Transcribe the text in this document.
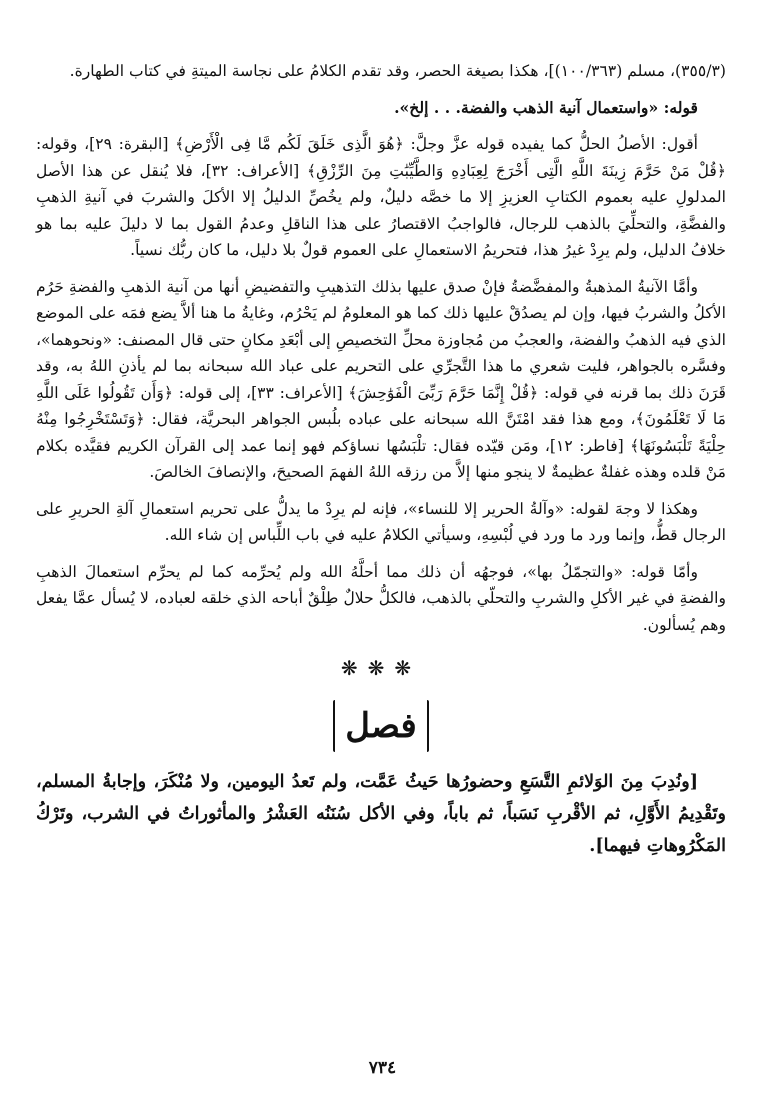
(٣٥٥/٣)، مسلم (١٠٠/٣٦٣)]، هكذا بصيغة الحصر، وقد تقدم الكلامُ على نجاسة الميتةِ في كتاب الطهارة.

قوله: «واستعمال آنية الذهب والفضة. . . إلخ».

أقول: الأصلُ الحلُّ كما يفيده قوله عزَّ وجلَّ: ﴿هُوَ الَّذِى خَلَقَ لَكُم مَّا فِى الْأَرْضِ﴾ [البقرة: ٢٩]، وقوله: ﴿قُلْ مَنْ حَرَّمَ زِينَةَ اللَّهِ الَّتِى أَخْرَجَ لِعِبَادِهِ وَالطَّيِّبَٰتِ مِنَ الرِّزْقِ﴾ [الأعراف: ٣٢]، فلا يُنقل عن هذا الأصل المدلولِ عليه بعموم الكتابِ العزيزِ إلا ما خصَّه دليلٌ، ولم يخُصِّ الدليلُ إلا الأكلَ والشربَ في آنيةِ الذهبِ والفضَّةِ، والتحلِّيَ بالذهب للرجال، فالواجبُ الاقتصارُ على هذا الناقلِ وعدمُ القول بما لا دليلَ عليه بما هو خلافُ الدليل، ولم يرِدْ غيرُ هذا، فتحريمُ الاستعمالِ على العموم قولٌ بلا دليل، ما كان ربُّك نسياً.

وأمَّا الآنيةُ المذهبةُ والمفضَّضةُ فإنْ صدق عليها بذلك التذهيبِ والتفضيضِ أنها من آنية الذهبِ والفضةِ حَرُم الأكلُ والشربُ فيها، وإن لم يصدُقْ عليها ذلك كما هو المعلومُ لم يَحْرُم، وغايةُ ما هنا ألاَّ يضع فمَه على الموضع الذي فيه الذهبُ والفضة، والعجبُ من مُجاوزة محلِّ التخصيصِ إلى أبْعَدِ مكانٍ حتى قال المصنف: «ونحوهما»، وفسَّره بالجواهر، فليت شعري ما هذا التَّجرِّي على التحريم على عباد الله سبحانه بما لم يأذنِ اللهُ به، وقد قَرَنَ ذلك بما قرنه في قوله: ﴿قُلْ إِنَّمَا حَرَّمَ رَبِّىَ الْفَوَٰحِشَ﴾ [الأعراف: ٣٣]، إلى قوله: ﴿وَأَن تَقُولُوا عَلَى اللَّهِ مَا لَا تَعْلَمُونَ﴾، ومع هذا فقد امْتَنَّ الله سبحانه على عباده بلُبس الجواهر البحريَّة، فقال: ﴿وَتَسْتَخْرِجُوا مِنْهُ حِلْيَةً تَلْبَسُونَهَا﴾ [فاطر: ١٢]، ومَن قيّده فقال: تلْبَسُها نساؤكم فهو إنما عمد إلى القرآن الكريم فقيَّده بكلام مَنْ قلده وهذه غفلةٌ عظيمةٌ لا ينجو منها إلاَّ من رزقه اللهُ الفهمَ الصحيحَ، والإنصافَ الخالصَ.

وهكذا لا وجهَ لقوله: «وآلةُ الحرير إلا للنساء»، فإنه لم يرِدْ ما يدلُّ على تحريم استعمالِ آلةِ الحريرِ على الرجال قطُّ، وإنما ورد ما ورد في لُبْسِهِ، وسيأتي الكلامُ عليه في باب اللِّباس إن شاء الله.

وأمّا قوله: «والتجمّلُ بها»، فوجهُه أن ذلك مما أحلَّهُ الله ولم يُحرِّمه كما لم يحرِّم استعمالَ الذهبِ والفضةِ في غير الأكلِ والشربِ والتحلّي بالذهب، فالكلُّ حلالٌ طِلْقٌ أباحه الذي خلقه لعباده، لا يُسأل عمَّا يفعل وهم يُسألون.

❋❋❋
فصل

[ونُدِبَ مِنَ الوَلائمِ التَّسَعِ وحضورُها حَيثُ عَمَّت، ولم تَعدُ اليومين، ولا مُنْكَرَ، وإجابةُ المسلم، وتَقْدِيمُ الأَوَّلِ، ثم الأقْربِ نَسَباً، ثم باباً، وفي الأكل سُنَنُه العَشْرُ والمأثوراتُ في الشرب، وتَرْكُ المَكْرُوهاتِ فيهما].

٧٣٤
